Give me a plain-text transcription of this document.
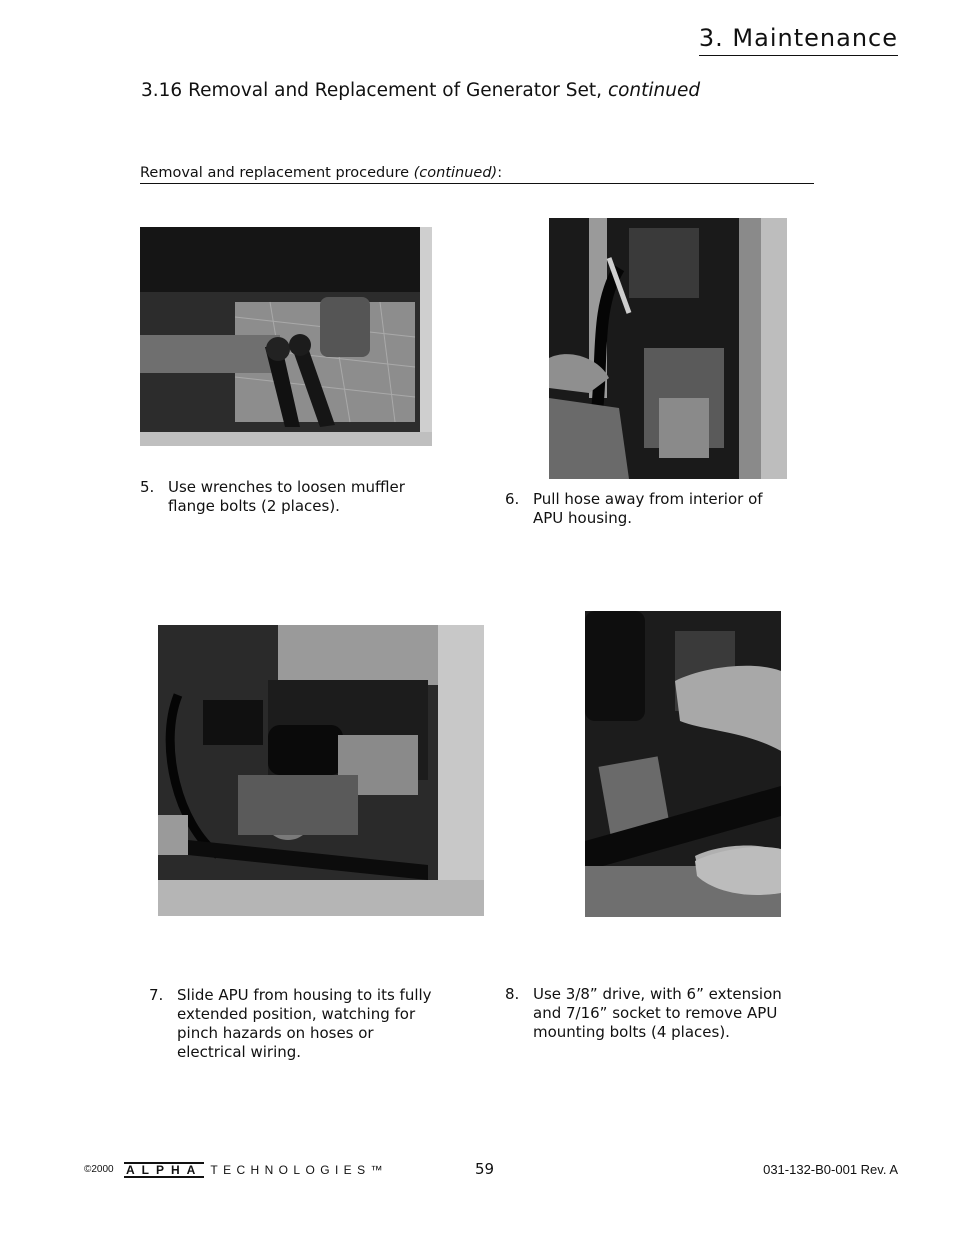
3. Maintenance
3.16 Removal and Replacement of Generator Set, continued
Removal and replacement procedure (continued):
5. Use wrenches to loosen muffler
flange bolts (2 places).	6. Pull hose away from interior of
APU housing.
7. Slide APU from housing to its fully
extended position, watching for
pinch hazards on hoses or
electrical wiring.
8. Use 3/8” drive, with 6” extension
and 7/16” socket to remove APU
mounting bolts (4 places).
©2000 ALPHA TECHNOLOGIES™	59	031-132-B0-001 Rev. A
